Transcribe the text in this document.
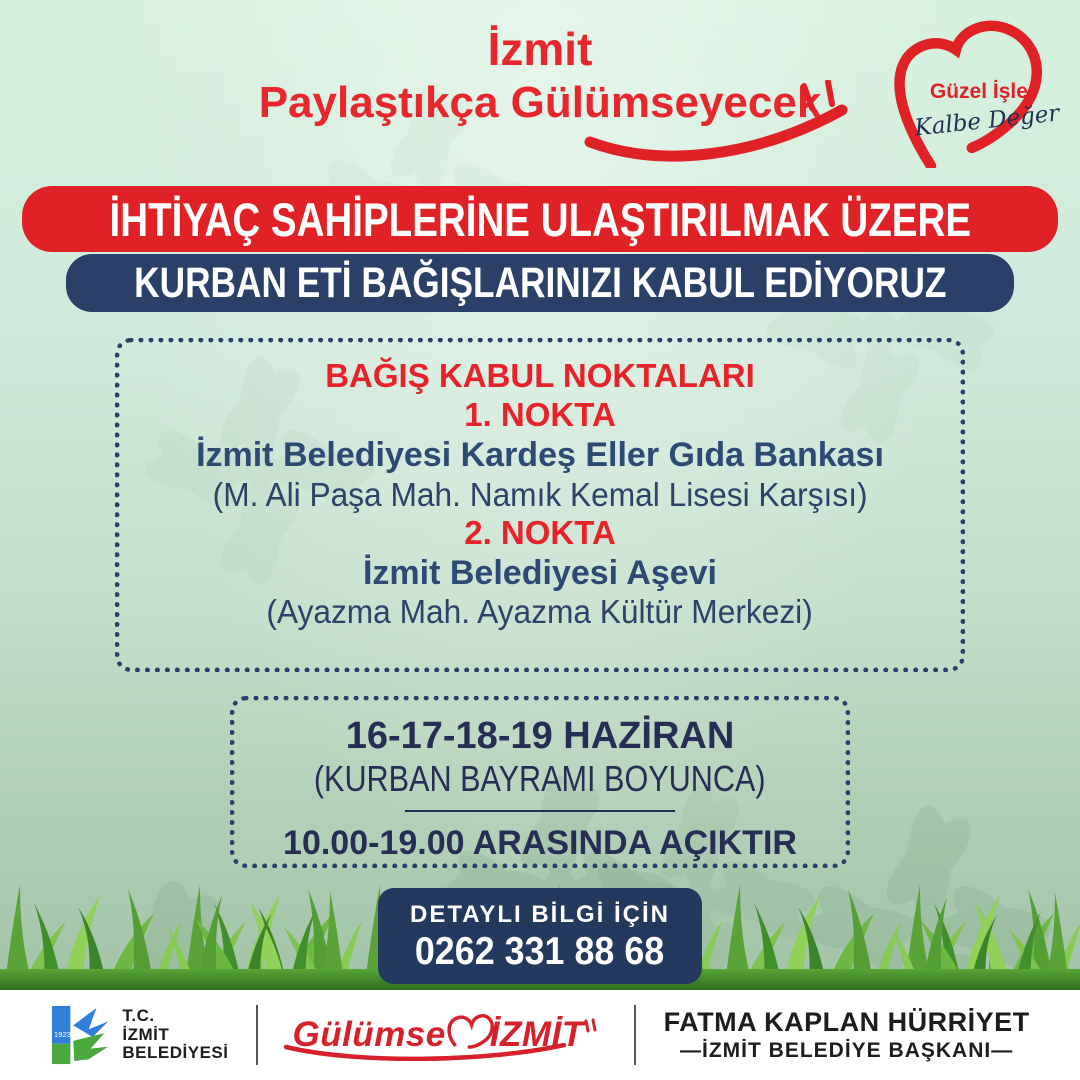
İzmit
Paylaştıkça Gülümseyecek	Güzel İşler
Kalbe Değer
İHTİYAÇ SAHİPLERİNE ULAŞTIRILMAK ÜZERE
KURBAN ETİ BAĞIŞLARINIZI KABUL EDİYORUZ
BAĞIŞ KABUL NOKTALARI
1. NOKTA
İzmit Belediyesi Kardeş Eller Gıda Bankası
(M. Ali Paşa Mah. Namık Kemal Lisesi Karşısı)
2. NOKTA
İzmit Belediyesi Aşevi
(Ayazma Mah. Ayazma Kültür Merkezi)
16-17-18-19 HAZİRAN
(KURBAN BAYRAMI BOYUNCA)
10.00-19.00 ARASINDA AÇIKTIR
DETAYLI BİLGİ İÇİN
0262 331 88 68
1923
T.C.
İZMİT
BELEDİYESİ Gülümse İZMİT	FATMA KAPLAN HÜRRİYET
—İZMİT BELEDİYE BAŞKANI—
